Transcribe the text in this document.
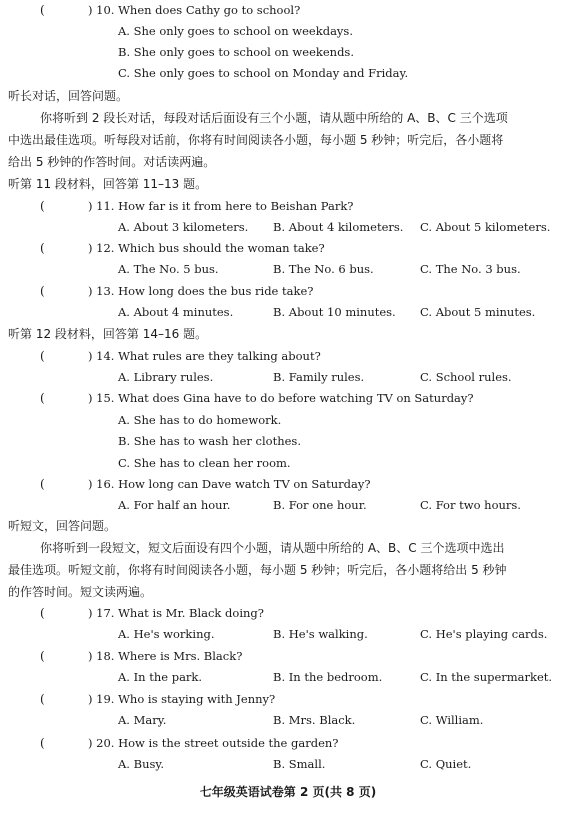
(	) 10. When does Cathy go to school?
A. She only goes to school on weekdays.
B. She only goes to school on weekends.
C. She only goes to school on Monday and Friday.
听长对话，回答问题。
你将听到 2 段长对话，每段对话后面设有三个小题，请从题中所给的 A、B、C 三个选项
中选出最佳选项。听每段对话前，你将有时间阅读各小题，每小题 5 秒钟；听完后，各小题将
给出 5 秒钟的作答时间。对话读两遍。
听第 11 段材料，回答第 11–13 题。
(	) 11. How far is it from here to Beishan Park?
A. About 3 kilometers. B. About 4 kilometers. C. About 5 kilometers.
(	) 12. Which bus should the woman take?
A. The No. 5 bus.	B. The No. 6 bus.	C. The No. 3 bus.
(	) 13. How long does the bus ride take?
A. About 4 minutes.	B. About 10 minutes. C. About 5 minutes.
听第 12 段材料，回答第 14–16 题。
(	) 14. What rules are they talking about?
A. Library rules.	B. Family rules.	C. School rules.
(	) 15. What does Gina have to do before watching TV on Saturday?
A. She has to do homework.
B. She has to wash her clothes.
C. She has to clean her room.
(	) 16. How long can Dave watch TV on Saturday?
A. For half an hour.	B. For one hour.	C. For two hours.
听短文，回答问题。
你将听到一段短文，短文后面设有四个小题，请从题中所给的 A、B、C 三个选项中选出
最佳选项。听短文前，你将有时间阅读各小题，每小题 5 秒钟；听完后，各小题将给出 5 秒钟
的作答时间。短文读两遍。
(	) 17. What is Mr. Black doing?
A. He's working.	B. He's walking.	C. He's playing cards.
(	) 18. Where is Mrs. Black?
A. In the park.	B. In the bedroom.	C. In the supermarket.
(	) 19. Who is staying with Jenny?
A. Mary.	B. Mrs. Black.	C. William.
(	) 20. How is the street outside the garden?
A. Busy.	B. Small.	C. Quiet.
七年级英语试卷第 2 页(共 8 页)
